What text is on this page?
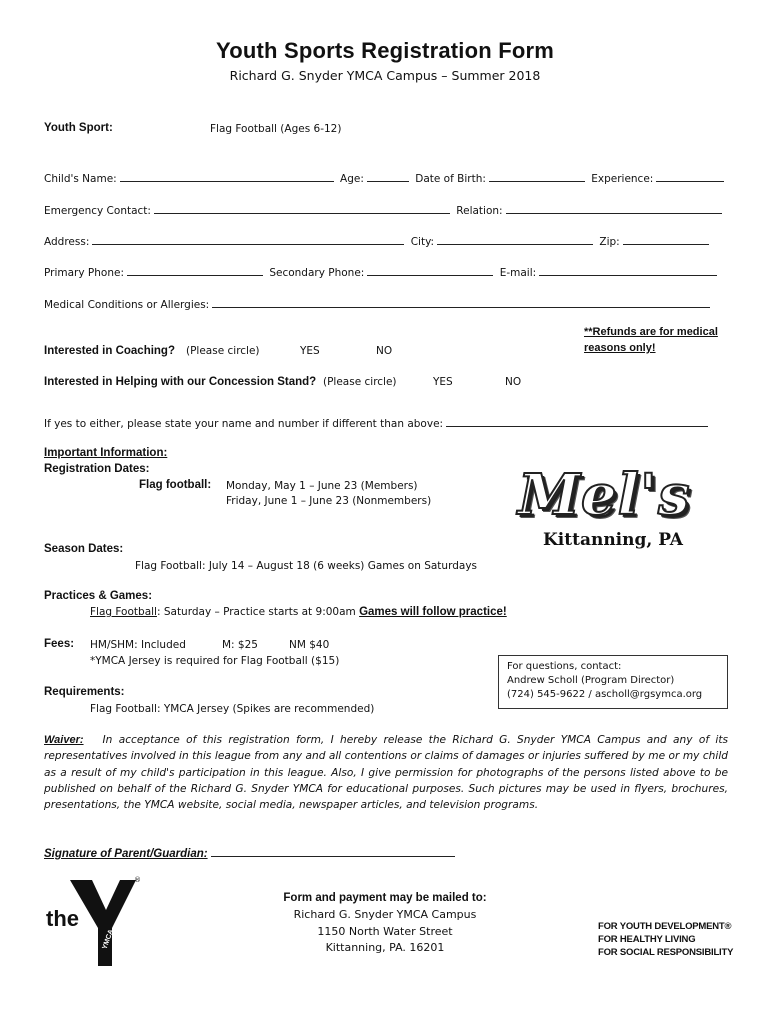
Youth Sports Registration Form
Richard G. Snyder YMCA Campus – Summer 2018
Youth Sport:	Flag Football (Ages 6-12)
Child's Name:	Age:	Date of Birth:	Experience:
Emergency Contact:	Relation:
Address:	City:	Zip:
Primary Phone:	Secondary Phone:	E-mail:
Medical Conditions or Allergies:
**Refunds are for medical
reasons only!
Interested in Coaching? (Please circle)	YES	NO
Interested in Helping with our Concession Stand? (Please circle)	YES	NO
If yes to either, please state your name and number if different than above:
Important Information:
Registration Dates:
Flag football: Monday, May 1 – June 23 (Members)
Friday, June 1 – June 23 (Nonmembers) Mel's
Kittanning, PA
Season Dates:
Flag Football: July 14 – August 18 (6 weeks) Games on Saturdays
Practices & Games:
Flag Football: Saturday – Practice starts at 9:00am Games will follow practice!
Fees: HM/SHM: Included	M: $25	NM $40
*YMCA Jersey is required for Flag Football ($15)	For questions, contact:
Andrew Scholl (Program Director)
(724) 545-9622 / ascholl@rgsymca.org
Requirements:
Flag Football: YMCA Jersey (Spikes are recommended)
Waiver: In acceptance of this registration form, I hereby release the Richard G. Snyder YMCA Campus and any of its representatives involved in this league from any and all contentions or claims of damages or injuries suffered by me or my child as a result of my child's participation in this league. Also, I give permission for photographs of the persons listed above to be published on behalf of the Richard G. Snyder YMCA for educational purposes. Such pictures may be used in flyers, brochures, presentations, the YMCA website, social media, newspaper articles, and television programs.
Signature of Parent/Guardian:
the
YMCA
®
Form and payment may be mailed to:
Richard G. Snyder YMCA Campus
1150 North Water Street
Kittanning, PA. 16201
FOR YOUTH DEVELOPMENT®
FOR HEALTHY LIVING
FOR SOCIAL RESPONSIBILITY
